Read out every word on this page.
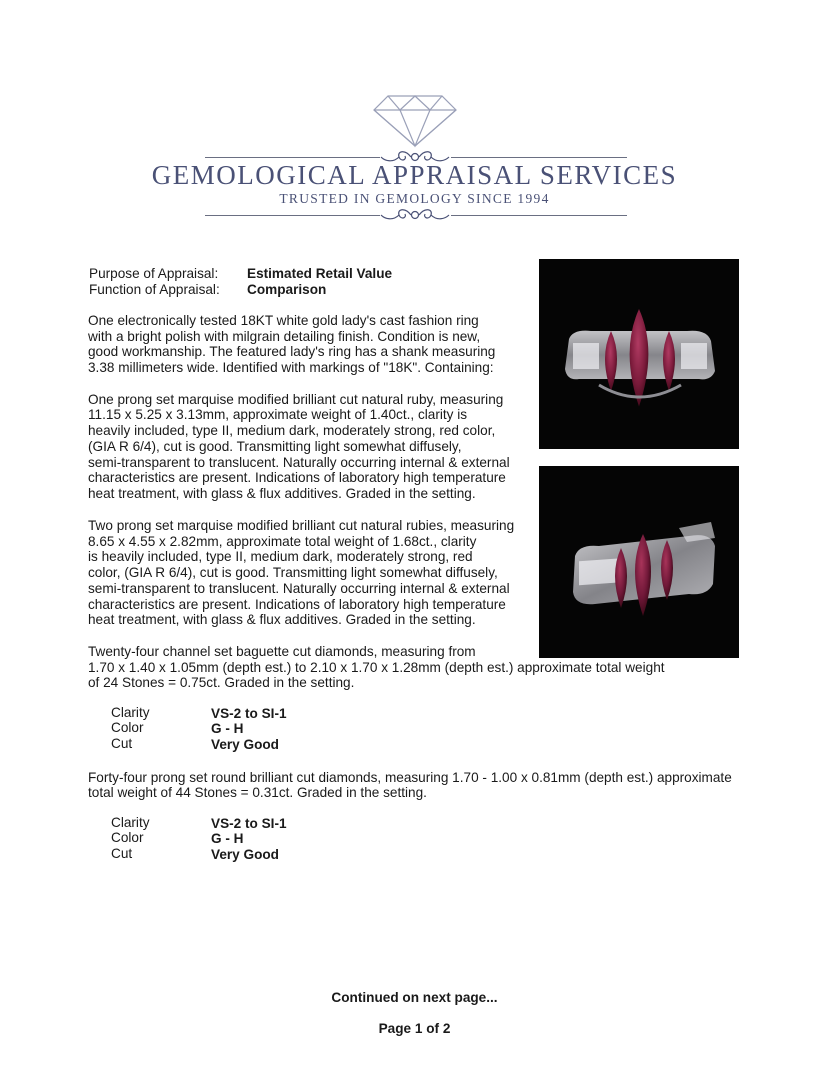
GEMOLOGICAL APPRAISAL SERVICES
TRUSTED IN GEMOLOGY SINCE 1994
Purpose of Appraisal: Estimated Retail Value
Function of Appraisal: Comparison
One electronically tested 18KT white gold lady's cast fashion ring
with a bright polish with milgrain detailing finish. Condition is new,
good workmanship. The featured lady's ring has a shank measuring
3.38 millimeters wide. Identified with markings of "18K". Containing:
One prong set marquise modified brilliant cut natural ruby, measuring
11.15 x 5.25 x 3.13mm, approximate weight of 1.40ct., clarity is
heavily included, type II, medium dark, moderately strong, red color,
(GIA R 6/4), cut is good. Transmitting light somewhat diffusely,
semi-transparent to translucent. Naturally occurring internal & external
characteristics are present. Indications of laboratory high temperature
heat treatment, with glass & flux additives. Graded in the setting.
Two prong set marquise modified brilliant cut natural rubies, measuring
8.65 x 4.55 x 2.82mm, approximate total weight of 1.68ct., clarity
is heavily included, type II, medium dark, moderately strong, red
color, (GIA R 6/4), cut is good. Transmitting light somewhat diffusely,
semi-transparent to translucent. Naturally occurring internal & external
characteristics are present. Indications of laboratory high temperature
heat treatment, with glass & flux additives. Graded in the setting.
Twenty-four channel set baguette cut diamonds, measuring from
1.70 x 1.40 x 1.05mm (depth est.) to 2.10 x 1.70 x 1.28mm (depth est.) approximate total weight
of 24 Stones = 0.75ct. Graded in the setting.
Clarity	VS-2 to SI-1
Color	G - H
Cut	Very Good
Forty-four prong set round brilliant cut diamonds, measuring 1.70 - 1.00 x 0.81mm (depth est.) approximate
total weight of 44 Stones = 0.31ct. Graded in the setting.
Clarity	VS-2 to SI-1
Color	G - H
Cut	Very Good
Continued on next page...
Page 1 of 2
